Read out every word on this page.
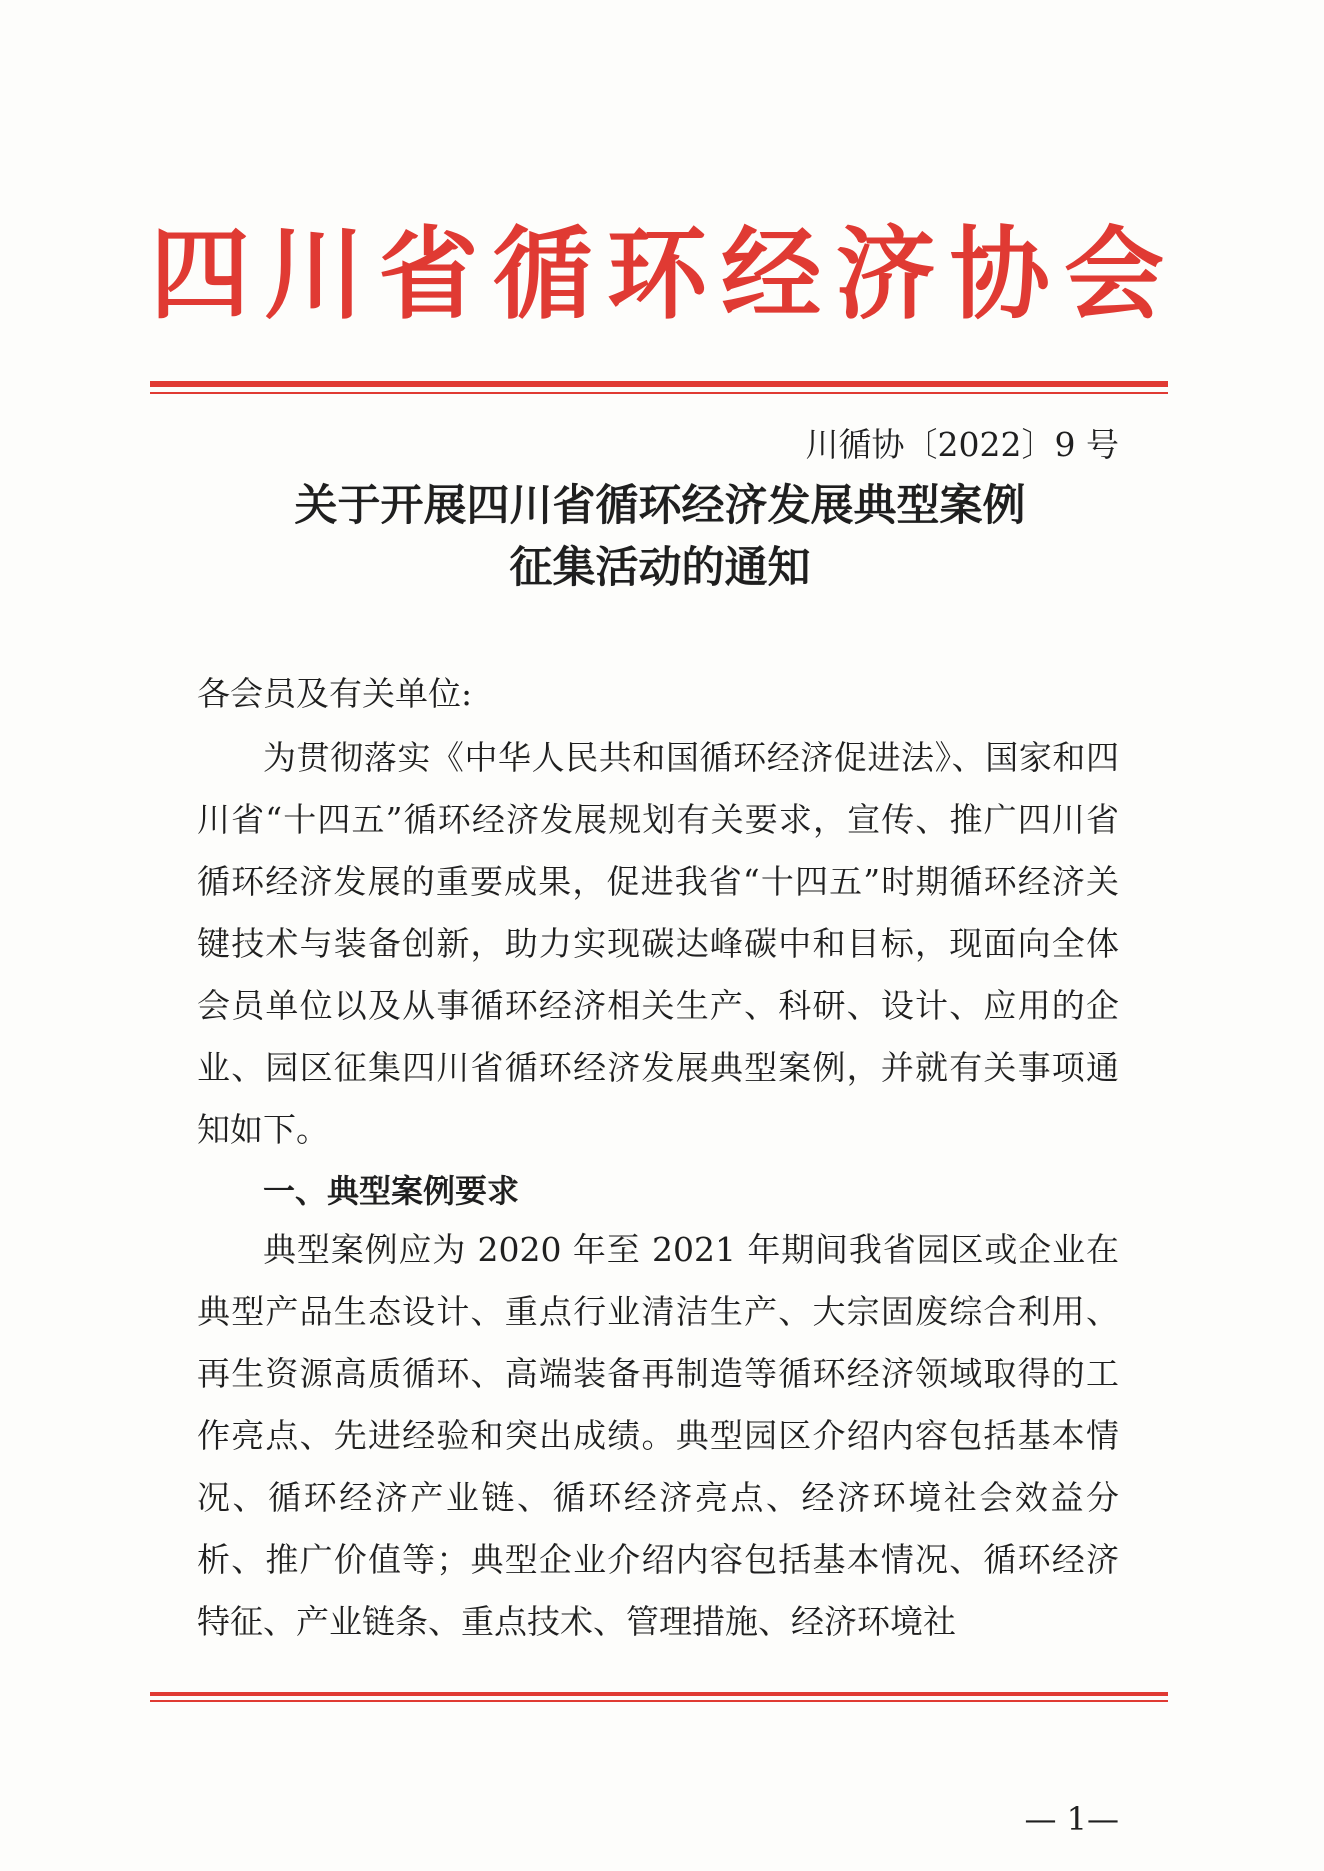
四川省循环经济协会
川循协〔2022〕9 号
关于开展四川省循环经济发展典型案例
征集活动的通知
各会员及有关单位:

为贯彻落实《中华人民共和国循环经济促进法》、国家和四川省“十四五”循环经济发展规划有关要求，宣传、推广四川省循环经济发展的重要成果，促进我省“十四五”时期循环经济关键技术与装备创新，助力实现碳达峰碳中和目标，现面向全体会员单位以及从事循环经济相关生产、科研、设计、应用的企业、园区征集四川省循环经济发展典型案例，并就有关事项通知如下。

一、典型案例要求

典型案例应为 2020 年至 2021 年期间我省园区或企业在典型产品生态设计、重点行业清洁生产、大宗固废综合利用、再生资源高质循环、高端装备再制造等循环经济领域取得的工作亮点、先进经验和突出成绩。典型园区介绍内容包括基本情况、循环经济产业链、循环经济亮点、经济环境社会效益分析、推广价值等；典型企业介绍内容包括基本情况、循环经济特征、产业链条、重点技术、管理措施、经济环境社

— 1—
